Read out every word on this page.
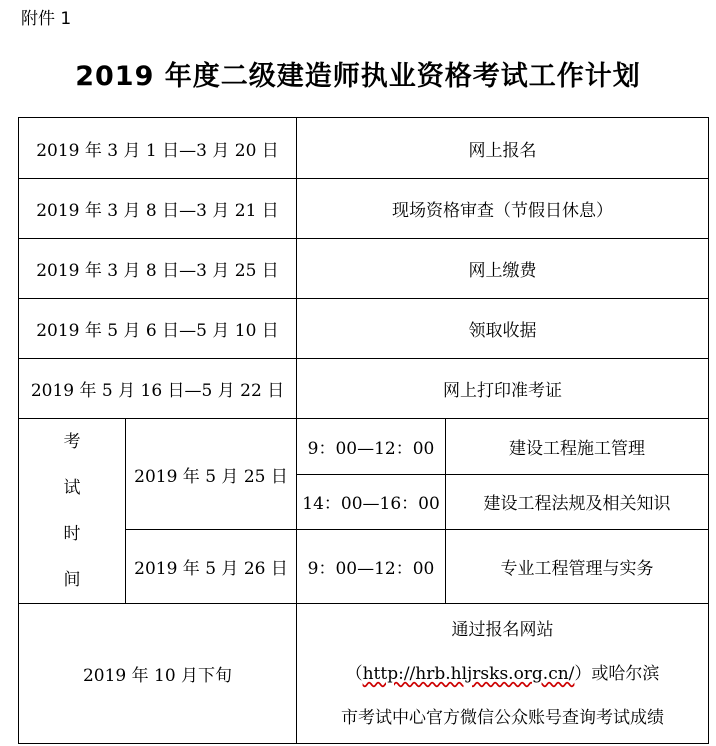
附件 1
2019 年度二级建造师执业资格考试工作计划
2019 年 3 月 1 日—3 月 20 日		网上报名	
2019 年 3 月 8 日—3 月 21 日		现场资格审查（节假日休息）	
2019 年 3 月 8 日—3 月 25 日		网上缴费	
2019 年 5 月 6 日—5 月 10 日		领取收据	
2019 年 5 月 16 日—5 月 22 日		网上打印准考证	

考
试
时
间	2019 年 5 月 25 日	9：00—12：00	建设工程施工管理
		14：00—16：00	建设工程法规及相关知识
	2019 年 5 月 26 日	9：00—12：00	专业工程管理与实务
2019 年 10 月下旬		通过报名网站
（http://hrb.hljrsks.org.cn/）或哈尔滨
市考试中心官方微信公众账号查询考试成绩	
